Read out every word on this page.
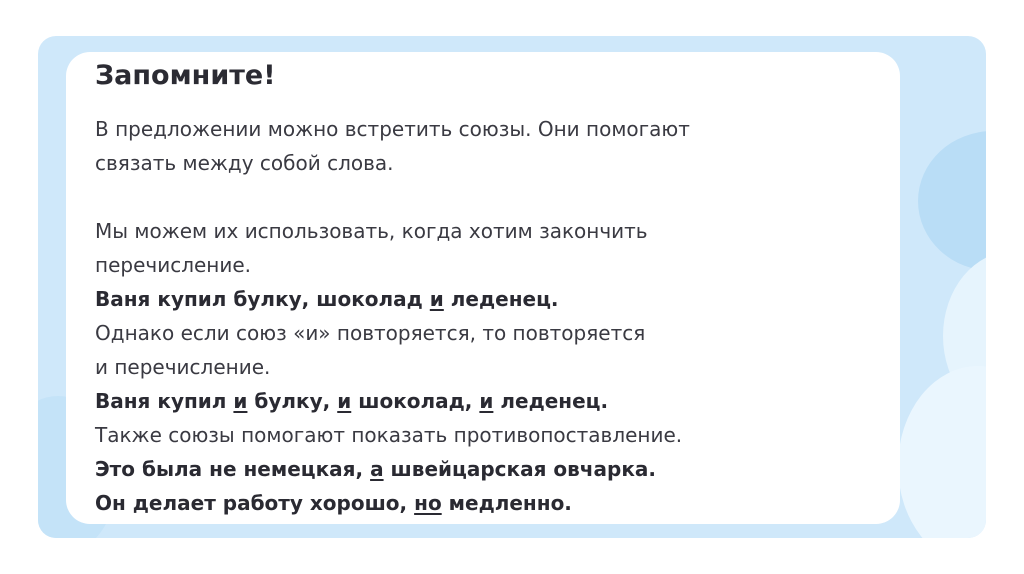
Запомните!
В предложении можно встретить союзы. Они помогают
связать между собой слова.
Мы можем их использовать, когда хотим закончить
перечисление.
Ваня купил булку, шоколад и леденец.
Однако если союз «и» повторяется, то повторяется
и перечисление.
Ваня купил и булку, и шоколад, и леденец.
Также союзы помогают показать противопоставление.
Это была не немецкая, а швейцарская овчарка.
Он делает работу хорошо, но медленно.
